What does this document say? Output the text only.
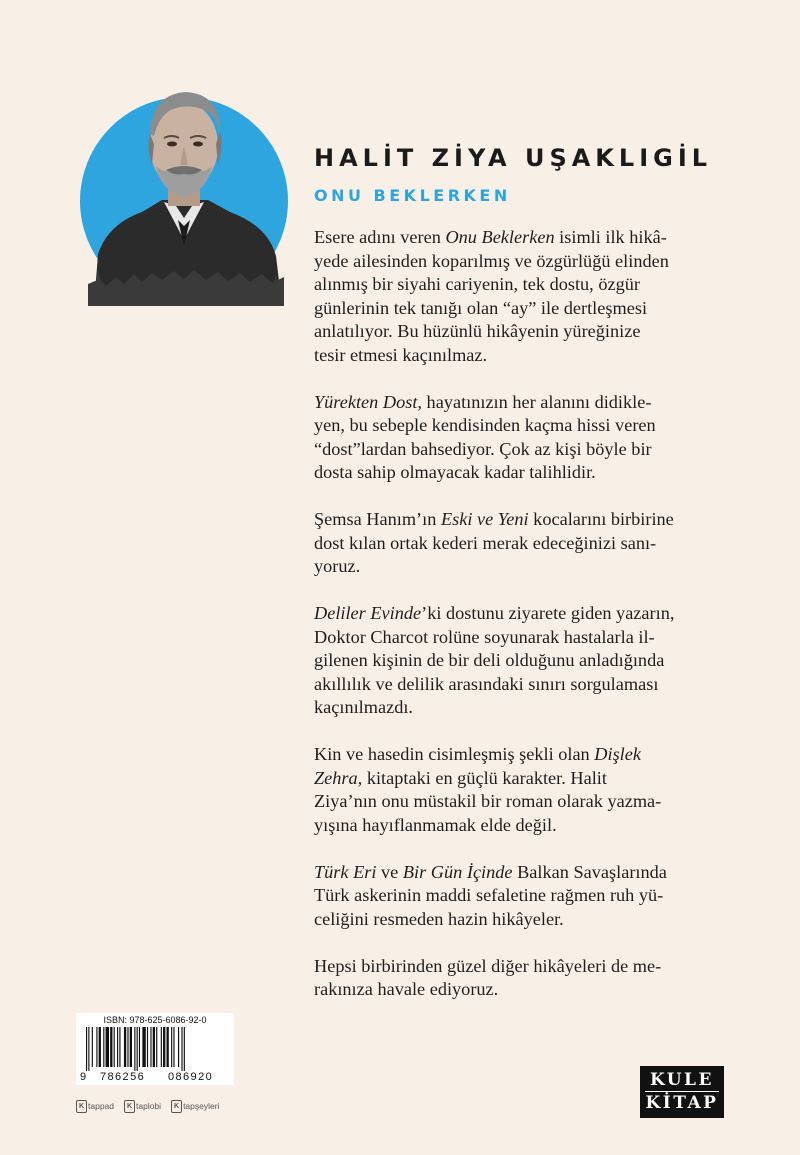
HALİT ZİYA UŞAKLIGİL
ONU BEKLERKEN

Esere adını veren Onu Beklerken isimli ilk hikâ-
yede ailesinden koparılmış ve özgürlüğü elinden
alınmış bir siyahi cariyenin, tek dostu, özgür
günlerinin tek tanığı olan “ay” ile dertleşmesi
anlatılıyor. Bu hüzünlü hikâyenin yüreğinize
tesir etmesi kaçınılmaz.

Yürekten Dost, hayatınızın her alanını didikle-
yen, bu sebeple kendisinden kaçma hissi veren
“dost”lardan bahsediyor. Çok az kişi böyle bir
dosta sahip olmayacak kadar talihlidir.

Şemsa Hanım’ın Eski ve Yeni kocalarını birbirine
dost kılan ortak kederi merak edeceğinizi sanı-
yoruz.

Deliler Evinde’ki dostunu ziyarete giden yazarın,
Doktor Charcot rolüne soyunarak hastalarla il-
gilenen kişinin de bir deli olduğunu anladığında
akıllılık ve delilik arasındaki sınırı sorgulaması
kaçınılmazdı.

Kin ve hasedin cisimleşmiş şekli olan Dişlek
Zehra, kitaptaki en güçlü karakter. Halit
Ziya’nın onu müstakil bir roman olarak yazma-
yışına hayıflanmamak elde değil.

Türk Eri ve Bir Gün İçinde Balkan Savaşlarında
Türk askerinin maddi sefaletine rağmen ruh yü-
celiğini resmeden hazin hikâyeler.

Hepsi birbirinden güzel diğer hikâyeleri de me-
rakınıza havale ediyoruz.

ISBN: 978-625-6086-92-0
9 786256 086920
K tappad	K taplobi	K tapşeyleri
KULE
KİTAP
